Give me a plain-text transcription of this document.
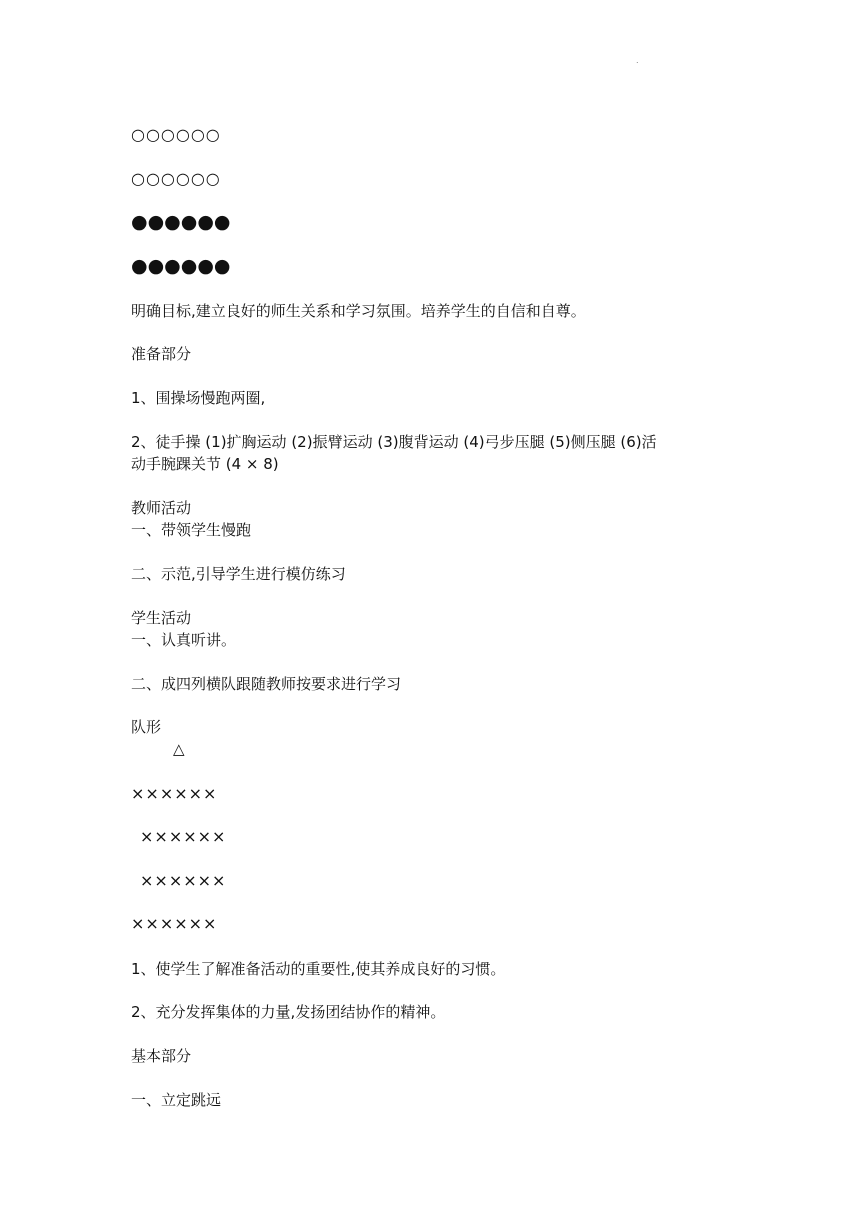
.
○○○○○○
○○○○○○
●●●●●●
●●●●●●
明确目标,建立良好的师生关系和学习氛围。培养学生的自信和自尊。
准备部分
1、围操场慢跑两圈,
2、徒手操 (1)扩胸运动 (2)振臂运动 (3)腹背运动 (4)弓步压腿 (5)侧压腿 (6)活
动手腕踝关节 (4 × 8)
教师活动
一、带领学生慢跑
二、示范,引导学生进行模仿练习
学生活动
一、认真听讲。
二、成四列横队跟随教师按要求进行学习
队形
△
××××××
××××××
××××××
××××××
1、使学生了解准备活动的重要性,使其养成良好的习惯。
2、充分发挥集体的力量,发扬团结协作的精神。
基本部分
一、立定跳远
